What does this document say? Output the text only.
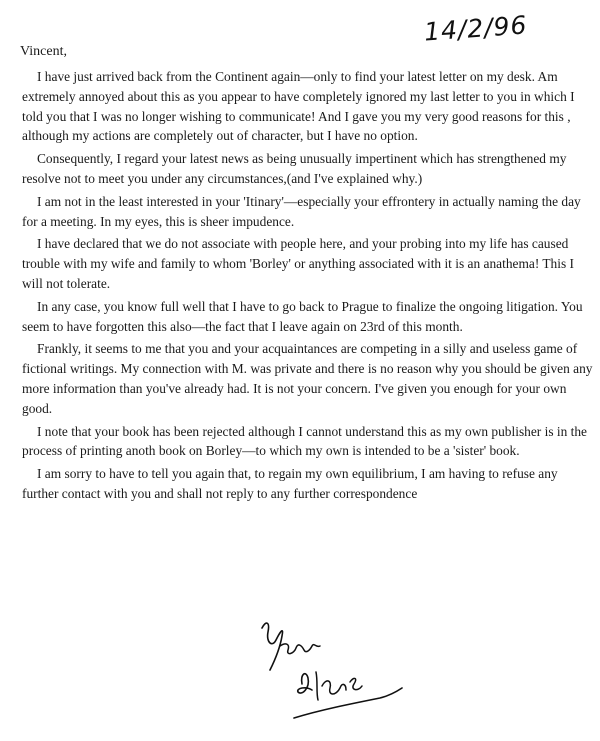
14/2/96
Vincent,

I have just arrived back from the Continent again—only to find your latest letter on my desk. Am extremely annoyed about this as you appear to have completely ignored my last letter to you in which I told you that I was no longer wishing to communicate! And I gave you my very good reasons for this , although my actions are completely out of character, but I have no option.

Consequently, I regard your latest news as being unusually impertinent which has strengthened my resolve not to meet you under any circumstances,(and I've explained why.)

I am not in the least interested in your 'Itinary'—especially your effrontery in actually naming the day for a meeting. In my eyes, this is sheer impudence.

I have declared that we do not associate with people here, and your probing into my life has caused trouble with my wife and family to whom 'Borley' or anything associated with it is an anathema! This I will not tolerate.

In any case, you know full well that I have to go back to Prague to finalize the ongoing litigation. You seem to have forgotten this also—the fact that I leave again on 23rd of this month.

Frankly, it seems to me that you and your acquaintances are competing in a silly and useless game of fictional writings. My connection with M. was private and there is no reason why you should be given any more information than you've already had. It is not your concern. I've given you enough for your own good.

I note that your book has been rejected although I cannot understand this as my own publisher is in the process of printing anoth book on Borley—to which my own is intended to be a 'sister' book.

I am sorry to have to tell you again that, to regain my own equilibrium, I am having to refuse any further contact with you and shall not reply to any further correspondence
